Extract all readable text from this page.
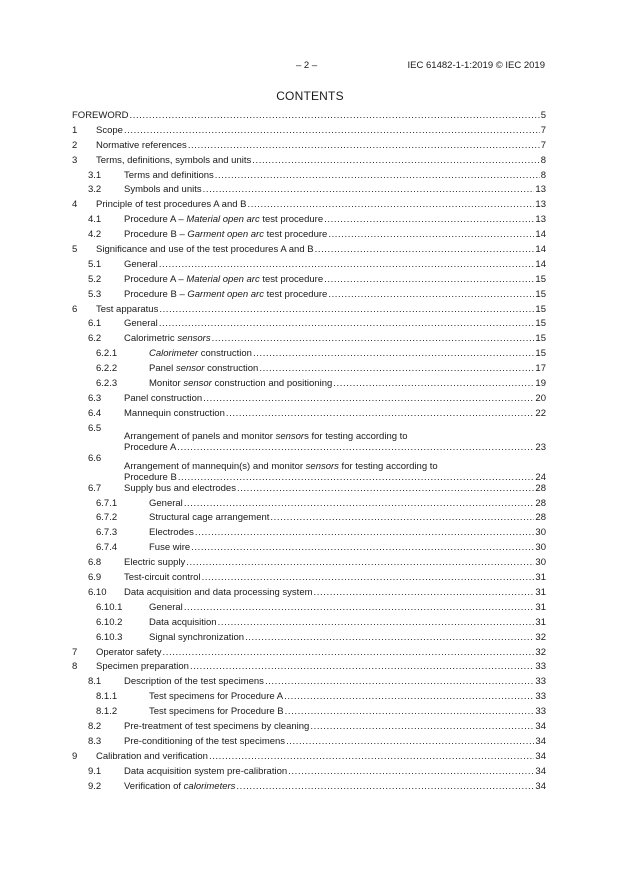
– 2 –	IEC 61482-1-1:2019 © IEC 2019
CONTENTS
FOREWORD .....	5
1 Scope .....	7
2 Normative references .....	7
3 Terms, definitions, symbols and units .....	8
3.1 Terms and definitions .....	8
3.2 Symbols and units .....	13
4 Principle of test procedures A and B .....	13
4.1 Procedure A – Material open arc test procedure .....	13
4.2 Procedure B – Garment open arc test procedure .....	14
5 Significance and use of the test procedures A and B .....	14
5.1 General .....	14
5.2 Procedure A – Material open arc test procedure .....	15
5.3 Procedure B – Garment open arc test procedure .....	15
6 Test apparatus .....	15
6.1 General .....	15
6.2 Calorimetric sensors .....	15
6.2.1	Calorimeter construction .....	15
6.2.2	Panel sensor construction .....	17
6.2.3	Monitor sensor construction and positioning .....	19
6.3 Panel construction .....	20
6.4 Mannequin construction .....	22
6.5
Arrangement of panels and monitor sensors for testing according to
Procedure A .....	23
6.6
Arrangement of mannequin(s) and monitor sensors for testing according to
Procedure B .....	24
6.7 Supply bus and electrodes .....	28
6.7.1	General .....	28
6.7.2	Structural cage arrangement .....	28
6.7.3	Electrodes .....	30
6.7.4	Fuse wire .....	30
6.8 Electric supply .....	30
6.9 Test-circuit control .....	31
6.10 Data acquisition and data processing system .....	31
6.10.1	General .....	31
6.10.2	Data acquisition .....	31
6.10.3	Signal synchronization .....	32
7 Operator safety .....	32
8 Specimen preparation .....	33
8.1 Description of the test specimens .....	33
8.1.1	Test specimens for Procedure A .....	33
8.1.2	Test specimens for Procedure B .....	33
8.2 Pre-treatment of test specimens by cleaning .....	34
8.3 Pre-conditioning of the test specimens .....	34
9 Calibration and verification .....	34
9.1 Data acquisition system pre-calibration .....	34
9.2 Verification of calorimeters .....	34
